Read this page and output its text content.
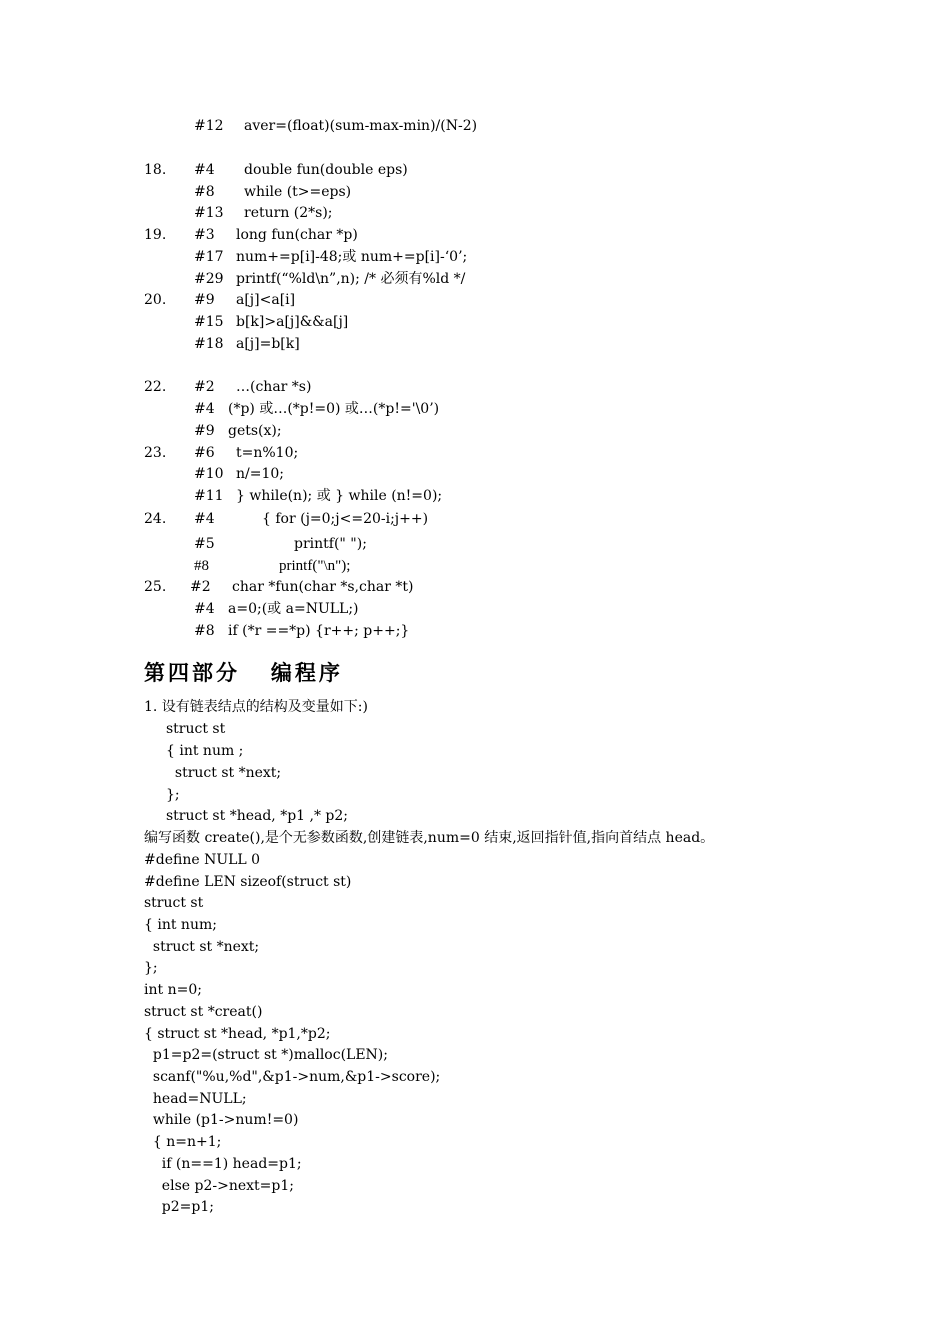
#12 aver=(float)(sum-max-min)/(N-2)
18. #4 double fun(double eps)
#8 while (t>=eps)
#13 return (2*s);
19. #3 long fun(char *p)
#17 num+=p[i]-48;或 num+=p[i]-‘0’;
#29 printf(“%ld\n”,n); /* 必须有%ld */
20. #9 a[j]<a[i]
#15 b[k]>a[j]&&a[j]
#18 a[j]=b[k]
22. #2 …(char *s)
#4 (*p) 或…(*p!=0) 或…(*p!='\0’)
#9 gets(x);
23. #6 t=n%10;
#10 n/=10;
#11 } while(n); 或 } while (n!=0);
24. #4	{ for (j=0;j<=20-i;j++)
#5	printf(" ");
#8	printf("\n");
25. #2 char *fun(char *s,char *t)
#4 a=0;(或 a=NULL;)
#8 if (*r ==*p) {r++; p++;}
第四部分   编程序
1. 设有链表结点的结构及变量如下:)
struct st
{ int num ;
struct st *next;
};
struct st *head, *p1 ,* p2;
编写函数 create(),是个无参数函数,创建链表,num=0 结束,返回指针值,指向首结点 head。
#define NULL 0
#define LEN sizeof(struct st)
struct st
{ int num;
struct st *next;
};
int n=0;
struct st *creat()
{ struct st *head, *p1,*p2;
p1=p2=(struct st *)malloc(LEN);
scanf("%u,%d",&p1->num,&p1->score);
head=NULL;
while (p1->num!=0)
{ n=n+1;
if (n==1) head=p1;
else p2->next=p1;
p2=p1;
